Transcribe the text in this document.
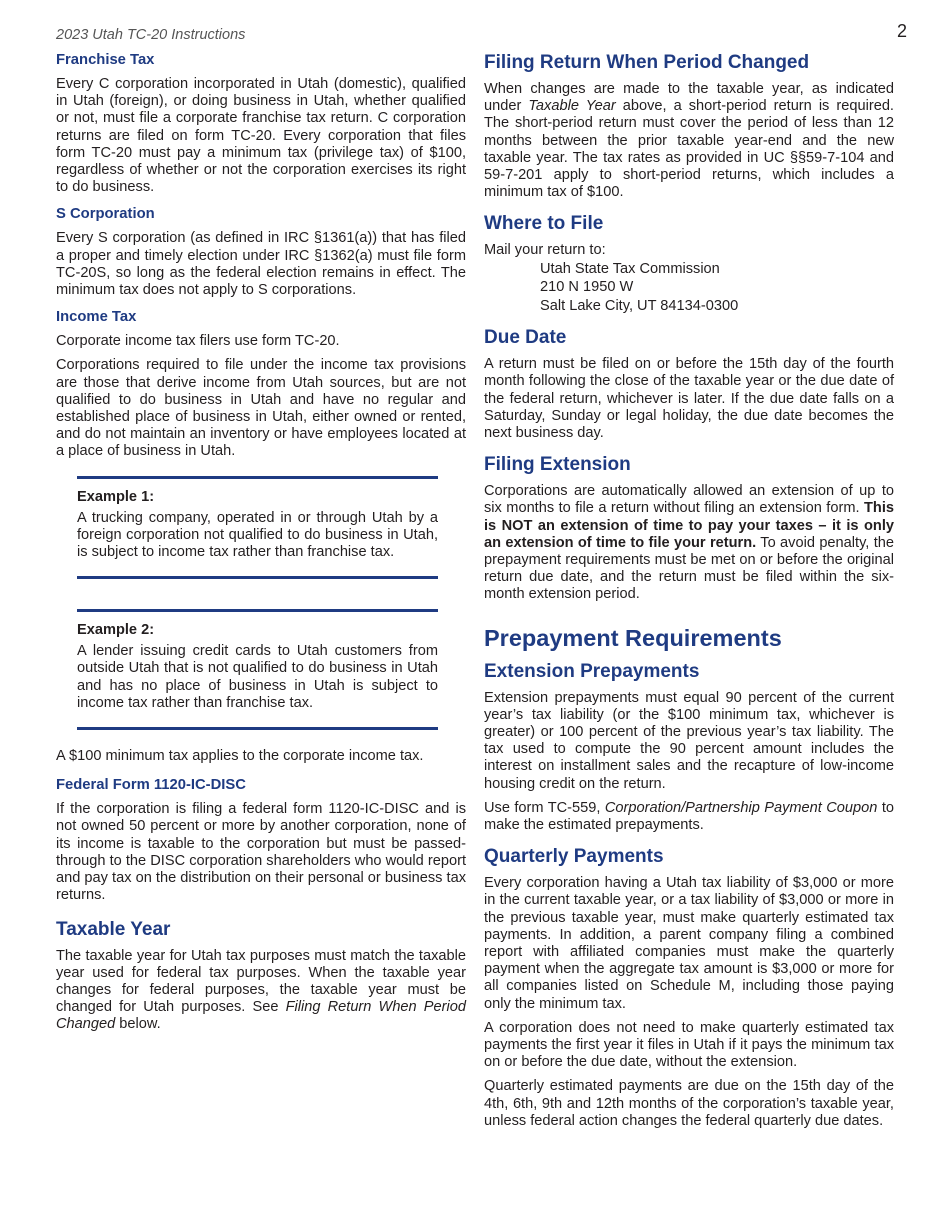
2023 Utah TC-20 Instructions	2
Franchise Tax

Every C corporation incorporated in Utah (domestic), qualified in Utah (foreign), or doing business in Utah, whether qualified or not, must file a corporate franchise tax return. C corporation returns are filed on form TC-20. Every corporation that files form TC-20 must pay a minimum tax (privilege tax) of $100, regardless of whether or not the corporation exercises its right to do business.

S Corporation

Every S corporation (as defined in IRC §1361(a)) that has filed a proper and timely election under IRC §1362(a) must file form TC-20S, so long as the federal election remains in effect. The minimum tax does not apply to S corporations.

Income Tax

Corporate income tax filers use form TC-20.

Corporations required to file under the income tax provisions are those that derive income from Utah sources, but are not qualified to do business in Utah and have no regular and established place of business in Utah, either owned or rented, and do not maintain an inventory or have employees located at a place of business in Utah.

Example 1:

A trucking company, operated in or through Utah by a foreign corporation not qualified to do business in Utah, is subject to income tax rather than franchise tax.

Example 2:

A lender issuing credit cards to Utah customers from outside Utah that is not qualified to do business in Utah and has no place of business in Utah is subject to income tax rather than franchise tax.

A $100 minimum tax applies to the corporate income tax.

Federal Form 1120-IC-DISC

If the corporation is filing a federal form 1120-IC-DISC and is not owned 50 percent or more by another corporation, none of its income is taxable to the corporation but must be passed-through to the DISC corporation shareholders who would report and pay tax on the distribution on their personal or business tax returns.

Taxable Year

The taxable year for Utah tax purposes must match the taxable year used for federal tax purposes. When the taxable year changes for federal purposes, the taxable year must be changed for Utah purposes. See Filing Return When Period Changed below.

Filing Return When Period Changed

When changes are made to the taxable year, as indicated under Taxable Year above, a short-period return is required. The short-period return must cover the period of less than 12 months between the prior taxable year-end and the new taxable year. The tax rates as provided in UC §§59-7-104 and 59-7-201 apply to short-period returns, which includes a minimum tax of $100.

Where to File

Mail your return to:

Utah State Tax Commission
210 N 1950 W
Salt Lake City, UT 84134-0300
Due Date

A return must be filed on or before the 15th day of the fourth month following the close of the taxable year or the due date of the federal return, whichever is later. If the due date falls on a Saturday, Sunday or legal holiday, the due date becomes the next business day.

Filing Extension

Corporations are automatically allowed an extension of up to six months to file a return without filing an extension form. This is NOT an extension of time to pay your taxes – it is only an extension of time to file your return. To avoid penalty, the prepayment requirements must be met on or before the original return due date, and the return must be filed within the six-month extension period.

Prepayment Requirements
Extension Prepayments

Extension prepayments must equal 90 percent of the current year’s tax liability (or the $100 minimum tax, whichever is greater) or 100 percent of the previous year’s tax liability. The tax used to compute the 90 percent amount includes the interest on installment sales and the recapture of low-income housing credit on the return.

Use form TC-559, Corporation/Partnership Payment Coupon to make the estimated prepayments.

Quarterly Payments

Every corporation having a Utah tax liability of $3,000 or more in the current taxable year, or a tax liability of $3,000 or more in the previous taxable year, must make quarterly estimated tax payments. In addition, a parent company filing a combined report with affiliated companies must make the quarterly payment when the aggregate tax amount is $3,000 or more for all companies listed on Schedule M, including those paying only the minimum tax.

A corporation does not need to make quarterly estimated tax payments the first year it files in Utah if it pays the minimum tax on or before the due date, without the extension.

Quarterly estimated payments are due on the 15th day of the 4th, 6th, 9th and 12th months of the corporation’s taxable year, unless federal action changes the federal quarterly due dates.
